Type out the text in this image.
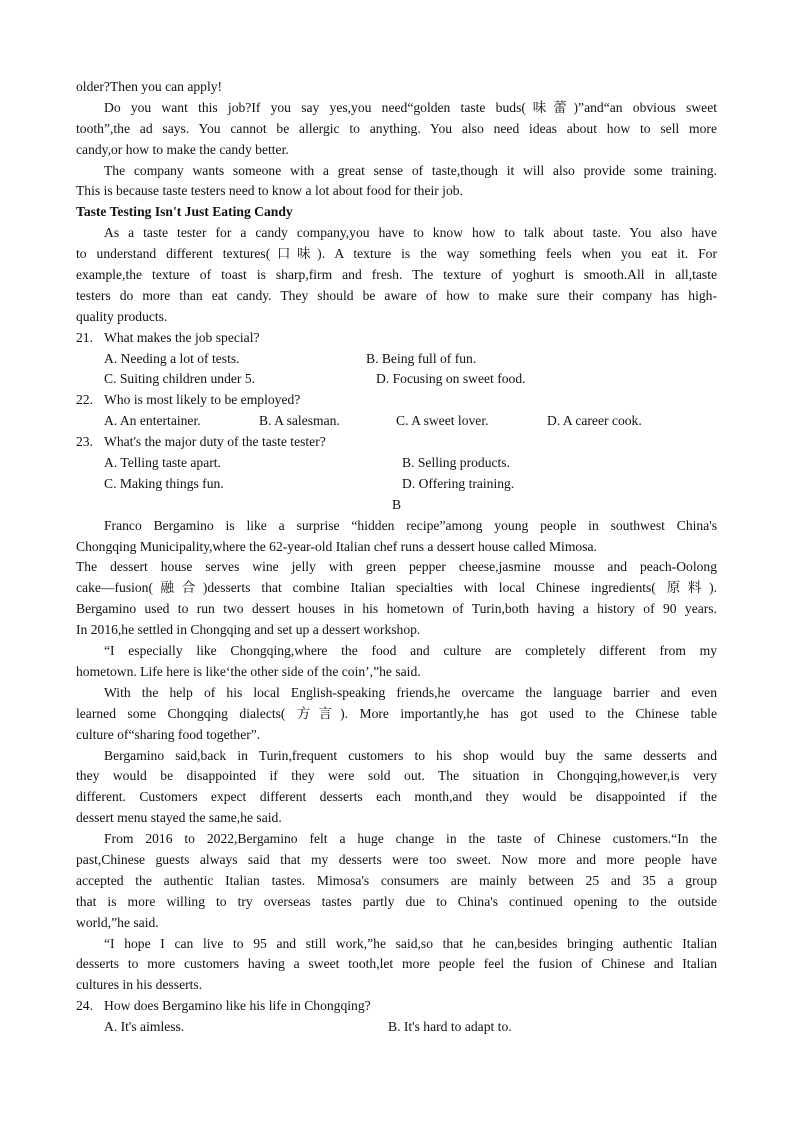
older?Then you can apply!
Do you want this job?If you say yes,you need“golden taste buds(味蕾)”and“an obvious sweet
tooth”,the ad says. You cannot be allergic to anything. You also need ideas about how to sell more
candy,or how to make the candy better.
The company wants someone with a great sense of taste,though it will also provide some training.
This is because taste testers need to know a lot about food for their job.
Taste Testing Isn't Just Eating Candy
As a taste tester for a candy company,you have to know how to talk about taste. You also have
to understand different textures(口味). A texture is the way something feels when you eat it. For
example,the texture of toast is sharp,firm and fresh. The texture of yoghurt is smooth.All in all,taste
testers do more than eat candy. They should be aware of how to make sure their company has high-
quality products.
21. What makes the job special?
A. Needing a lot of tests.	B. Being full of fun.
C. Suiting children under 5.	D. Focusing on sweet food.
22. Who is most likely to be employed?
A. An entertainer.	B. A salesman.	C. A sweet lover.	D. A career cook.
23. What's the major duty of the taste tester?
A. Telling taste apart.	B. Selling products.
C. Making things fun.	D. Offering training.
B
Franco Bergamino is like a surprise “hidden recipe”among young people in southwest China's
Chongqing Municipality,where the 62-year-old Italian chef runs a dessert house called Mimosa.
The dessert house serves wine jelly with green pepper cheese,jasmine mousse and peach-Oolong
cake—fusion(融合)desserts that combine Italian specialties with local Chinese ingredients( 原料).
Bergamino used to run two dessert houses in his hometown of Turin,both having a history of 90 years.
In 2016,he settled in Chongqing and set up a dessert workshop.
“I especially like Chongqing,where the food and culture are completely different from my
hometown. Life here is like‘the other side of the coin’,”he said.
With the help of his local English-speaking friends,he overcame the language barrier and even
learned some Chongqing dialects( 方言). More importantly,he has got used to the Chinese table
culture of“sharing food together”.
Bergamino said,back in Turin,frequent customers to his shop would buy the same desserts and
they would be disappointed if they were sold out. The situation in Chongqing,however,is very
different. Customers expect different desserts each month,and they would be disappointed if the
dessert menu stayed the same,he said.
From 2016 to 2022,Bergamino felt a huge change in the taste of Chinese customers.“In the
past,Chinese guests always said that my desserts were too sweet. Now more and more people have
accepted the authentic Italian tastes. Mimosa's consumers are mainly between 25 and 35 a group
that is more willing to try overseas tastes partly due to China's continued opening to the outside
world,”he said.
“I hope I can live to 95 and still work,”he said,so that he can,besides bringing authentic Italian
desserts to more customers having a sweet tooth,let more people feel the fusion of Chinese and Italian
cultures in his desserts.
24. How does Bergamino like his life in Chongqing?
A. It's aimless.	B. It's hard to adapt to.
